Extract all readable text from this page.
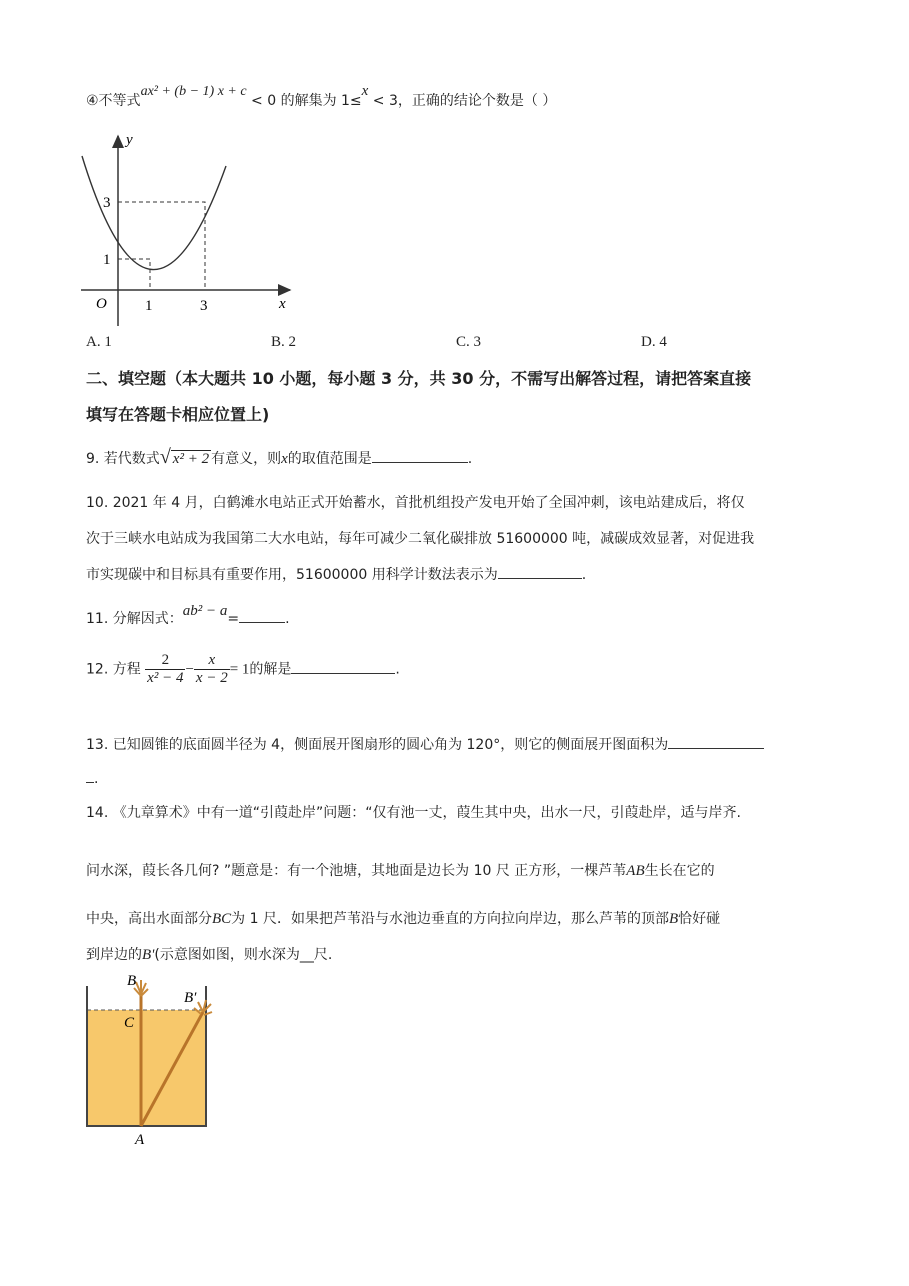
④不等式ax² + (b − 1) x + c < 0 的解集为 1≤x < 3，正确的结论个数是（ ）
y
x
O
3
1
1	3
A. 1	B. 2	C. 3	D. 4
二、填空题（本大题共 10 小题，每小题 3 分，共 30 分，不需写出解答过程，请把答案直接
填写在答题卡相应位置上)
9. 若代数式√ x² + 2 有意义，则x的取值范围是	.
10. 2021 年 4 月，白鹤滩水电站正式开始蓄水，首批机组投产发电开始了全国冲刺，该电站建成后，将仅
次于三峡水电站成为我国第二大水电站，每年可减少二氧化碳排放 51600000 吨，减碳成效显著，对促进我
市实现碳中和目标具有重要作用，51600000 用科学计数法表示为	.
11. 分解因式：ab² − a=	.
12. 方程 $\frac{2}{\text{x² − 4}} - \frac{x}{x - 2} = 1$的解是	.
13. 已知圆锥的底面圆半径为 4，侧面展开图扇形的圆心角为 120°，则它的侧面展开图面积为
.
14. 《九章算术》中有一道“引葭赴岸”问题：“仅有池一丈，葭生其中央，出水一尺，引葭赴岸，适与岸齐.
问水深，葭长各几何? ”题意是：有一个池塘，其地面是边长为 10 尺 正方形，一棵芦苇AB生长在它的
中央，高出水面部分BC为 1 尺．如果把芦苇沿与水池边垂直的方向拉向岸边，那么芦苇的顶部B恰好碰
到岸边的B'(示意图如图，则水深为__尺.
B
B′
C
A
